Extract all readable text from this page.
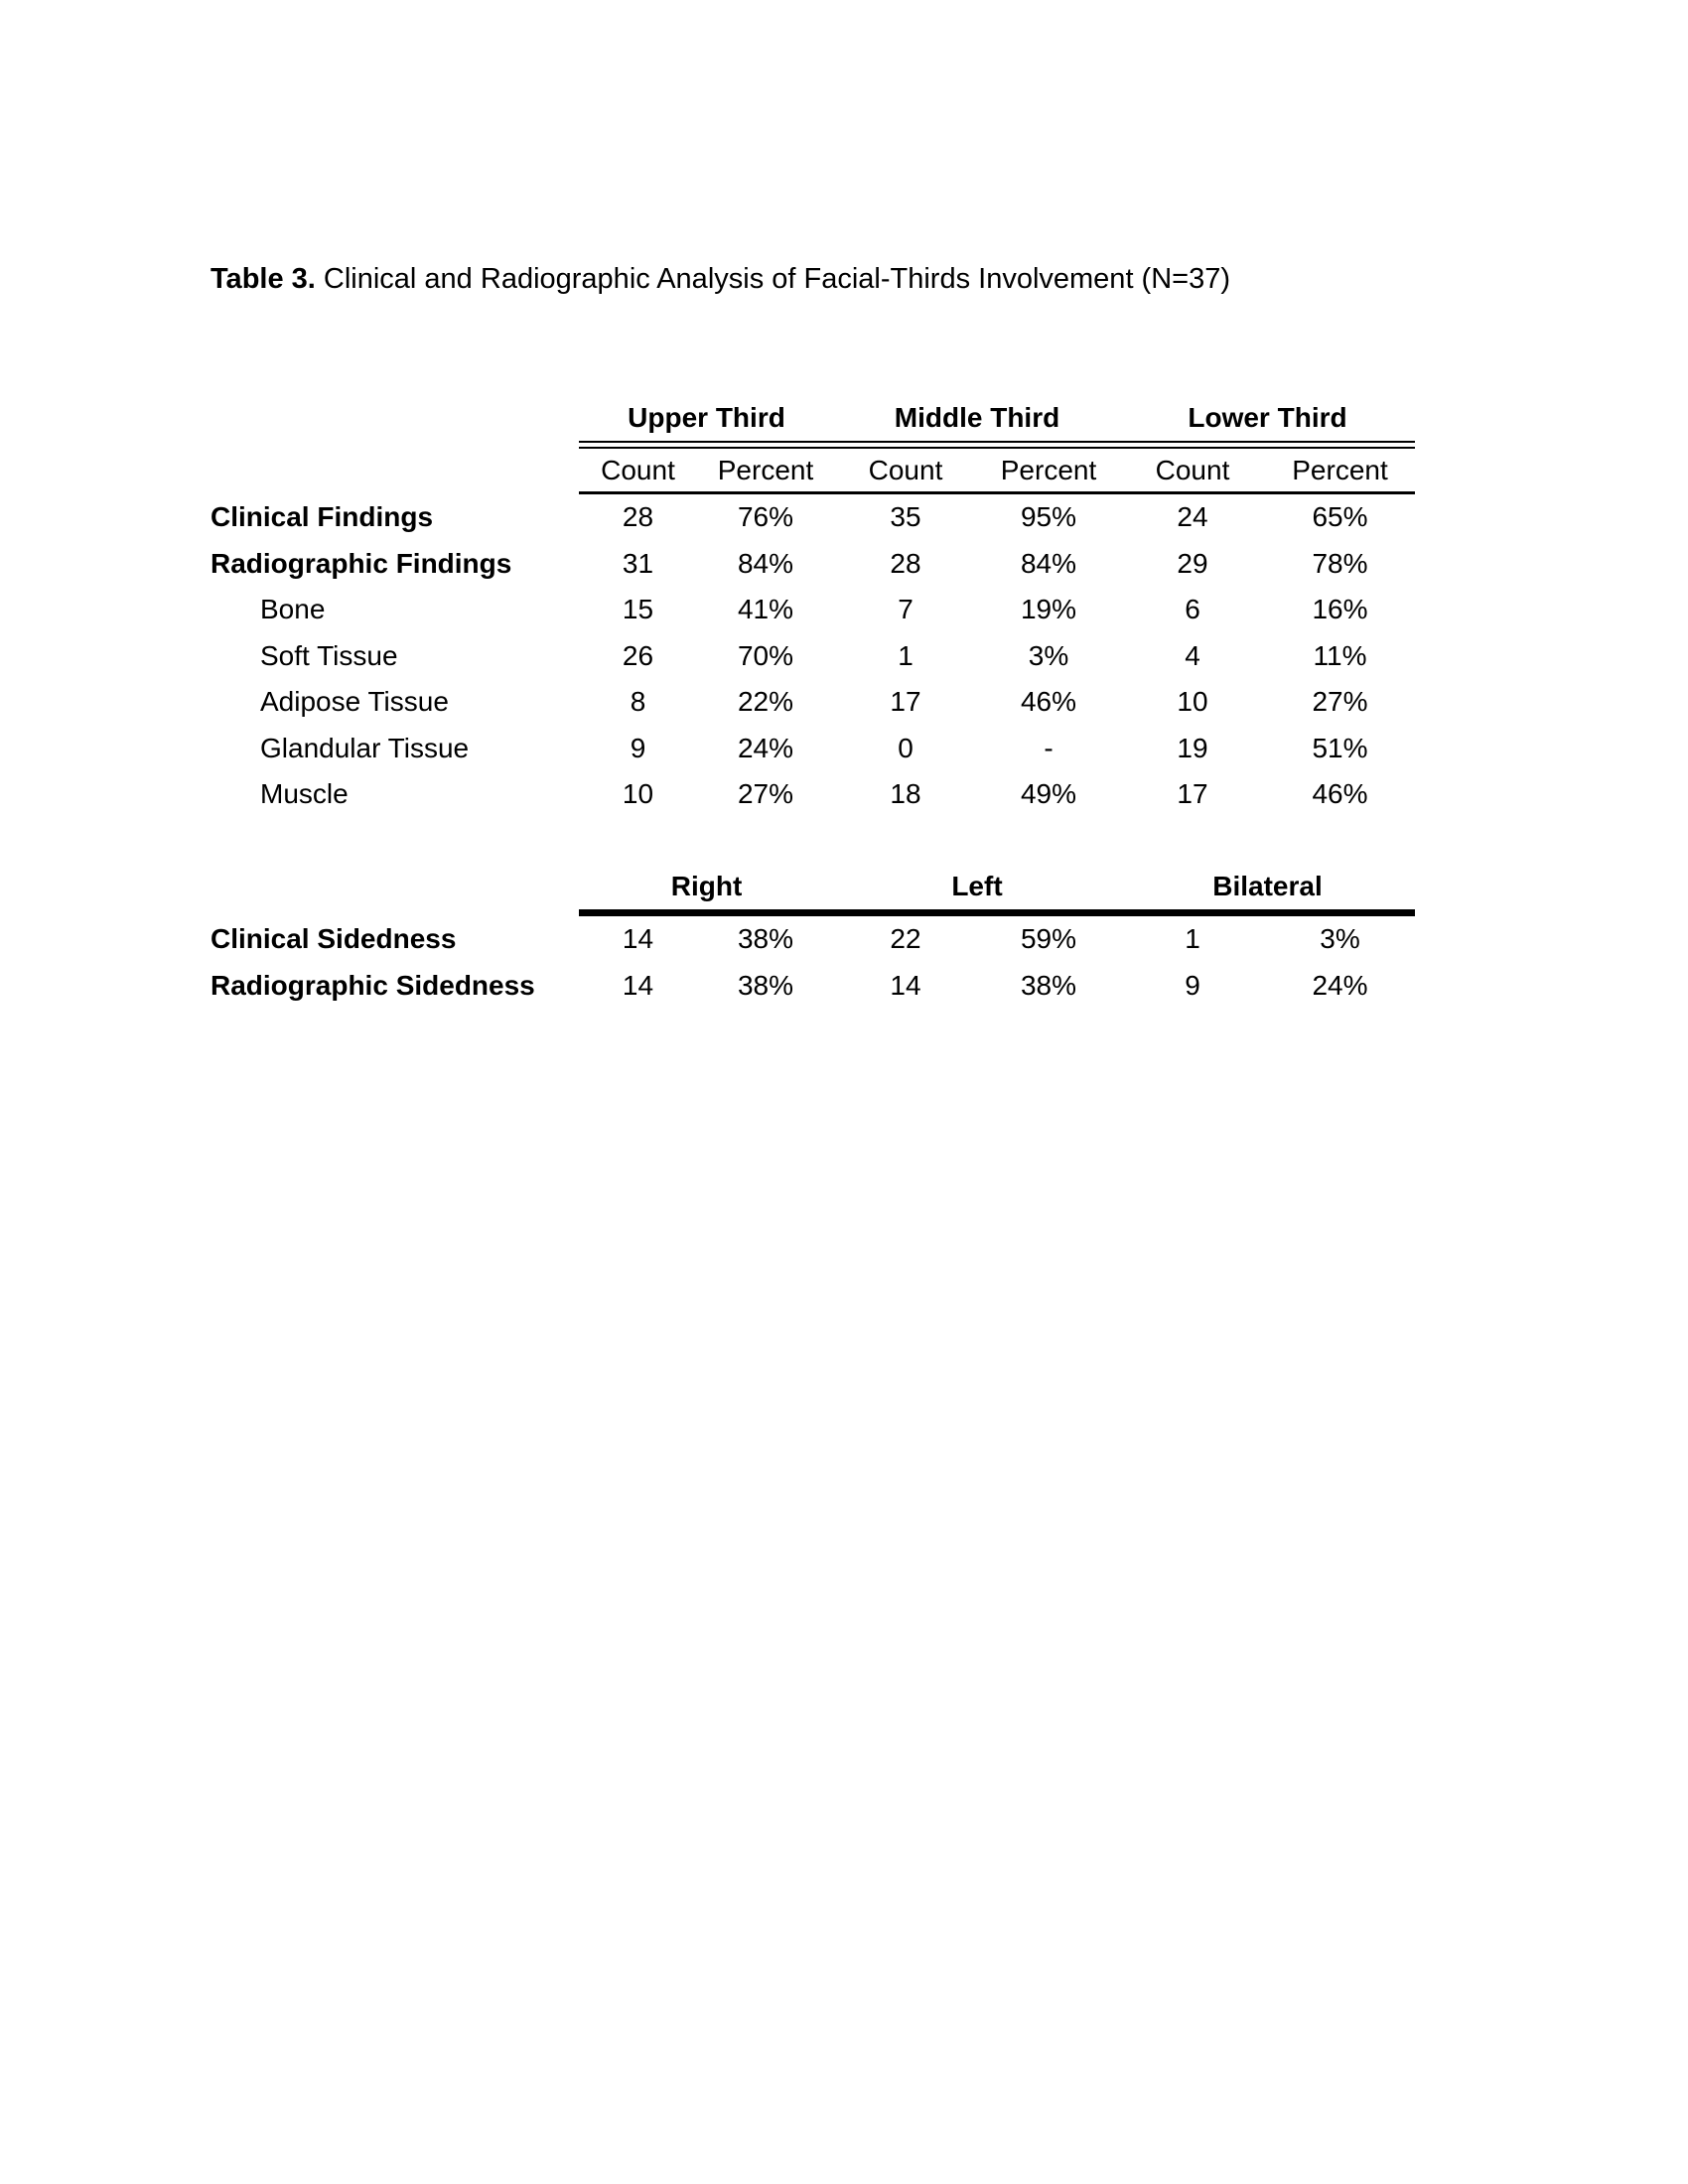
Table 3. Clinical and Radiographic Analysis of Facial-Thirds Involvement (N=37)

Upper Third	Middle Third	Lower Third
Count	Percent	Count	Percent	Count	Percent
Clinical Findings	28	76%	35	95%	24	65%
Radiographic Findings	31	84%	28	84%	29	78%
Bone	15	41%	7	19%	6	16%
Soft Tissue	26	70%	1	3%	4	11%
Adipose Tissue	8	22%	17	46%	10	27%
Glandular Tissue	9	24%	0	-	19	51%
Muscle	10	27%	18	49%	17	46%
Right	Left	Bilateral
Clinical Sidedness	14	38%	22	59%	1	3%
Radiographic Sidedness	14	38%	14	38%	9	24%
